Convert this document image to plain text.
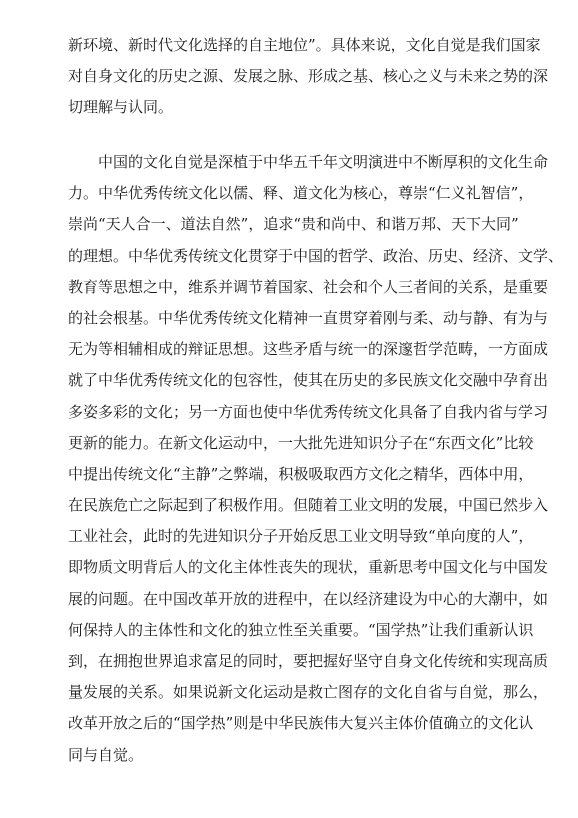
新环境、新时代文化选择的自主地位”。具体来说，文化自觉是我们国家
对自身文化的历史之源、发展之脉、形成之基、核心之义与未来之势的深
切理解与认同。

中国的文化自觉是深植于中华五千年文明演进中不断厚积的文化生命
力。中华优秀传统文化以儒、释、道文化为核心，尊崇“仁义礼智信”，
崇尚“天人合一、道法自然”，追求“贵和尚中、和谐万邦、天下大同”
的理想。中华优秀传统文化贯穿于中国的哲学、政治、历史、经济、文学、
教育等思想之中，维系并调节着国家、社会和个人三者间的关系，是重要
的社会根基。中华优秀传统文化精神一直贯穿着刚与柔、动与静、有为与
无为等相辅相成的辩证思想。这些矛盾与统一的深邃哲学范畴，一方面成
就了中华优秀传统文化的包容性，使其在历史的多民族文化交融中孕育出
多姿多彩的文化；另一方面也使中华优秀传统文化具备了自我内省与学习
更新的能力。在新文化运动中，一大批先进知识分子在“东西文化”比较
中提出传统文化“主静”之弊端，积极吸取西方文化之精华，西体中用，
在民族危亡之际起到了积极作用。但随着工业文明的发展，中国已然步入
工业社会，此时的先进知识分子开始反思工业文明导致“单向度的人”，
即物质文明背后人的文化主体性丧失的现状，重新思考中国文化与中国发
展的问题。在中国改革开放的进程中，在以经济建设为中心的大潮中，如
何保持人的主体性和文化的独立性至关重要。“国学热”让我们重新认识
到，在拥抱世界追求富足的同时，要把握好坚守自身文化传统和实现高质
量发展的关系。如果说新文化运动是救亡图存的文化自省与自觉，那么，
改革开放之后的“国学热”则是中华民族伟大复兴主体价值确立的文化认
同与自觉。
